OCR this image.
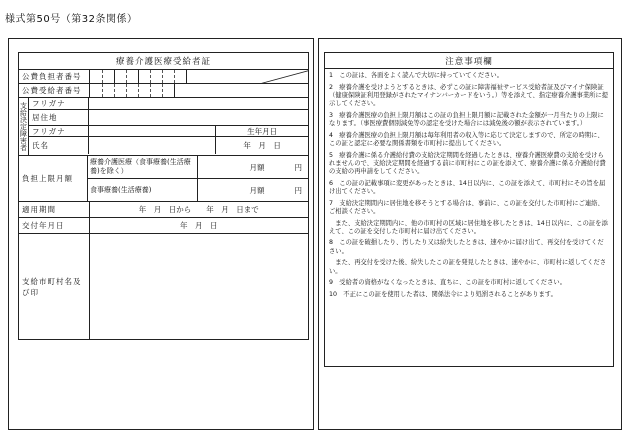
様式第50号（第32条関係）
療養介護医療受給者証
公費負担者番号
公費受給者番号
支給決定障害者 フリガナ
居住地
フリガナ	生年月日
氏名	年　月　日
負担上限月額
療養介護医療（食事療養(生活療養)を除く）	月額　　　　円
食事療養(生活療養)	月額　　　　円
適用期間	年　月　日から　　年　月　日まで
交付年月日	年　月　日
支給市町村名及び印
注意事項欄
1　この証は、各面をよく読んで大切に持っていてください。
2　療養介護を受けようとするときは、必ずこの証に障害福祉サービス受給者証及びマイナ保険証（健康保険証利用登録がされたマイナンバーカードをいう。）等を添えて、指定療養介護事業所に提示してください。
3　療養介護医療の負担上限月額はこの証の負担上限月額に記載された金額が一月当たりの上限になります。（事医療費個別減免等の認定を受けた場合には減免後の額が表示されています。）
4　療養介護医療の負担上限月額は毎年利用者の収入等に応じて決定しますので、所定の時期に、この証と認定に必要な関係書類を市町村に提出してください。
5　療養介護に係る介護給付費の支給決定期間を経過したときは、療養介護医療費の支給を受けられませんので、支給決定期間を経過する前に市町村にこの証を添えて、療養介護に係る介護給付費の支給の再申請をしてください。
6　この証の記載事項に変更があったときは、14日以内に、この証を添えて、市町村にその旨を届け出てください。
7　支給決定期間内に居住地を移そうとする場合は、事前に、この証を交付した市町村にご連絡、ご相談ください。
また、支給決定期間内に、他の市町村の区域に居住地を移したときは、14日以内に、この証を添えて、この証を交付した市町村に届け出てください。
8　この証を破損したり、汚したり又は紛失したときは、速やかに届け出て、再交付を受けてください。
また、再交付を受けた後、紛失したこの証を発見したときは、速やかに、市町村に返してください。
9　受給者の資格がなくなったときは、直ちに、この証を市町村に返してください。
10　不正にこの証を使用した者は、関係法令により処罰されることがあります。
